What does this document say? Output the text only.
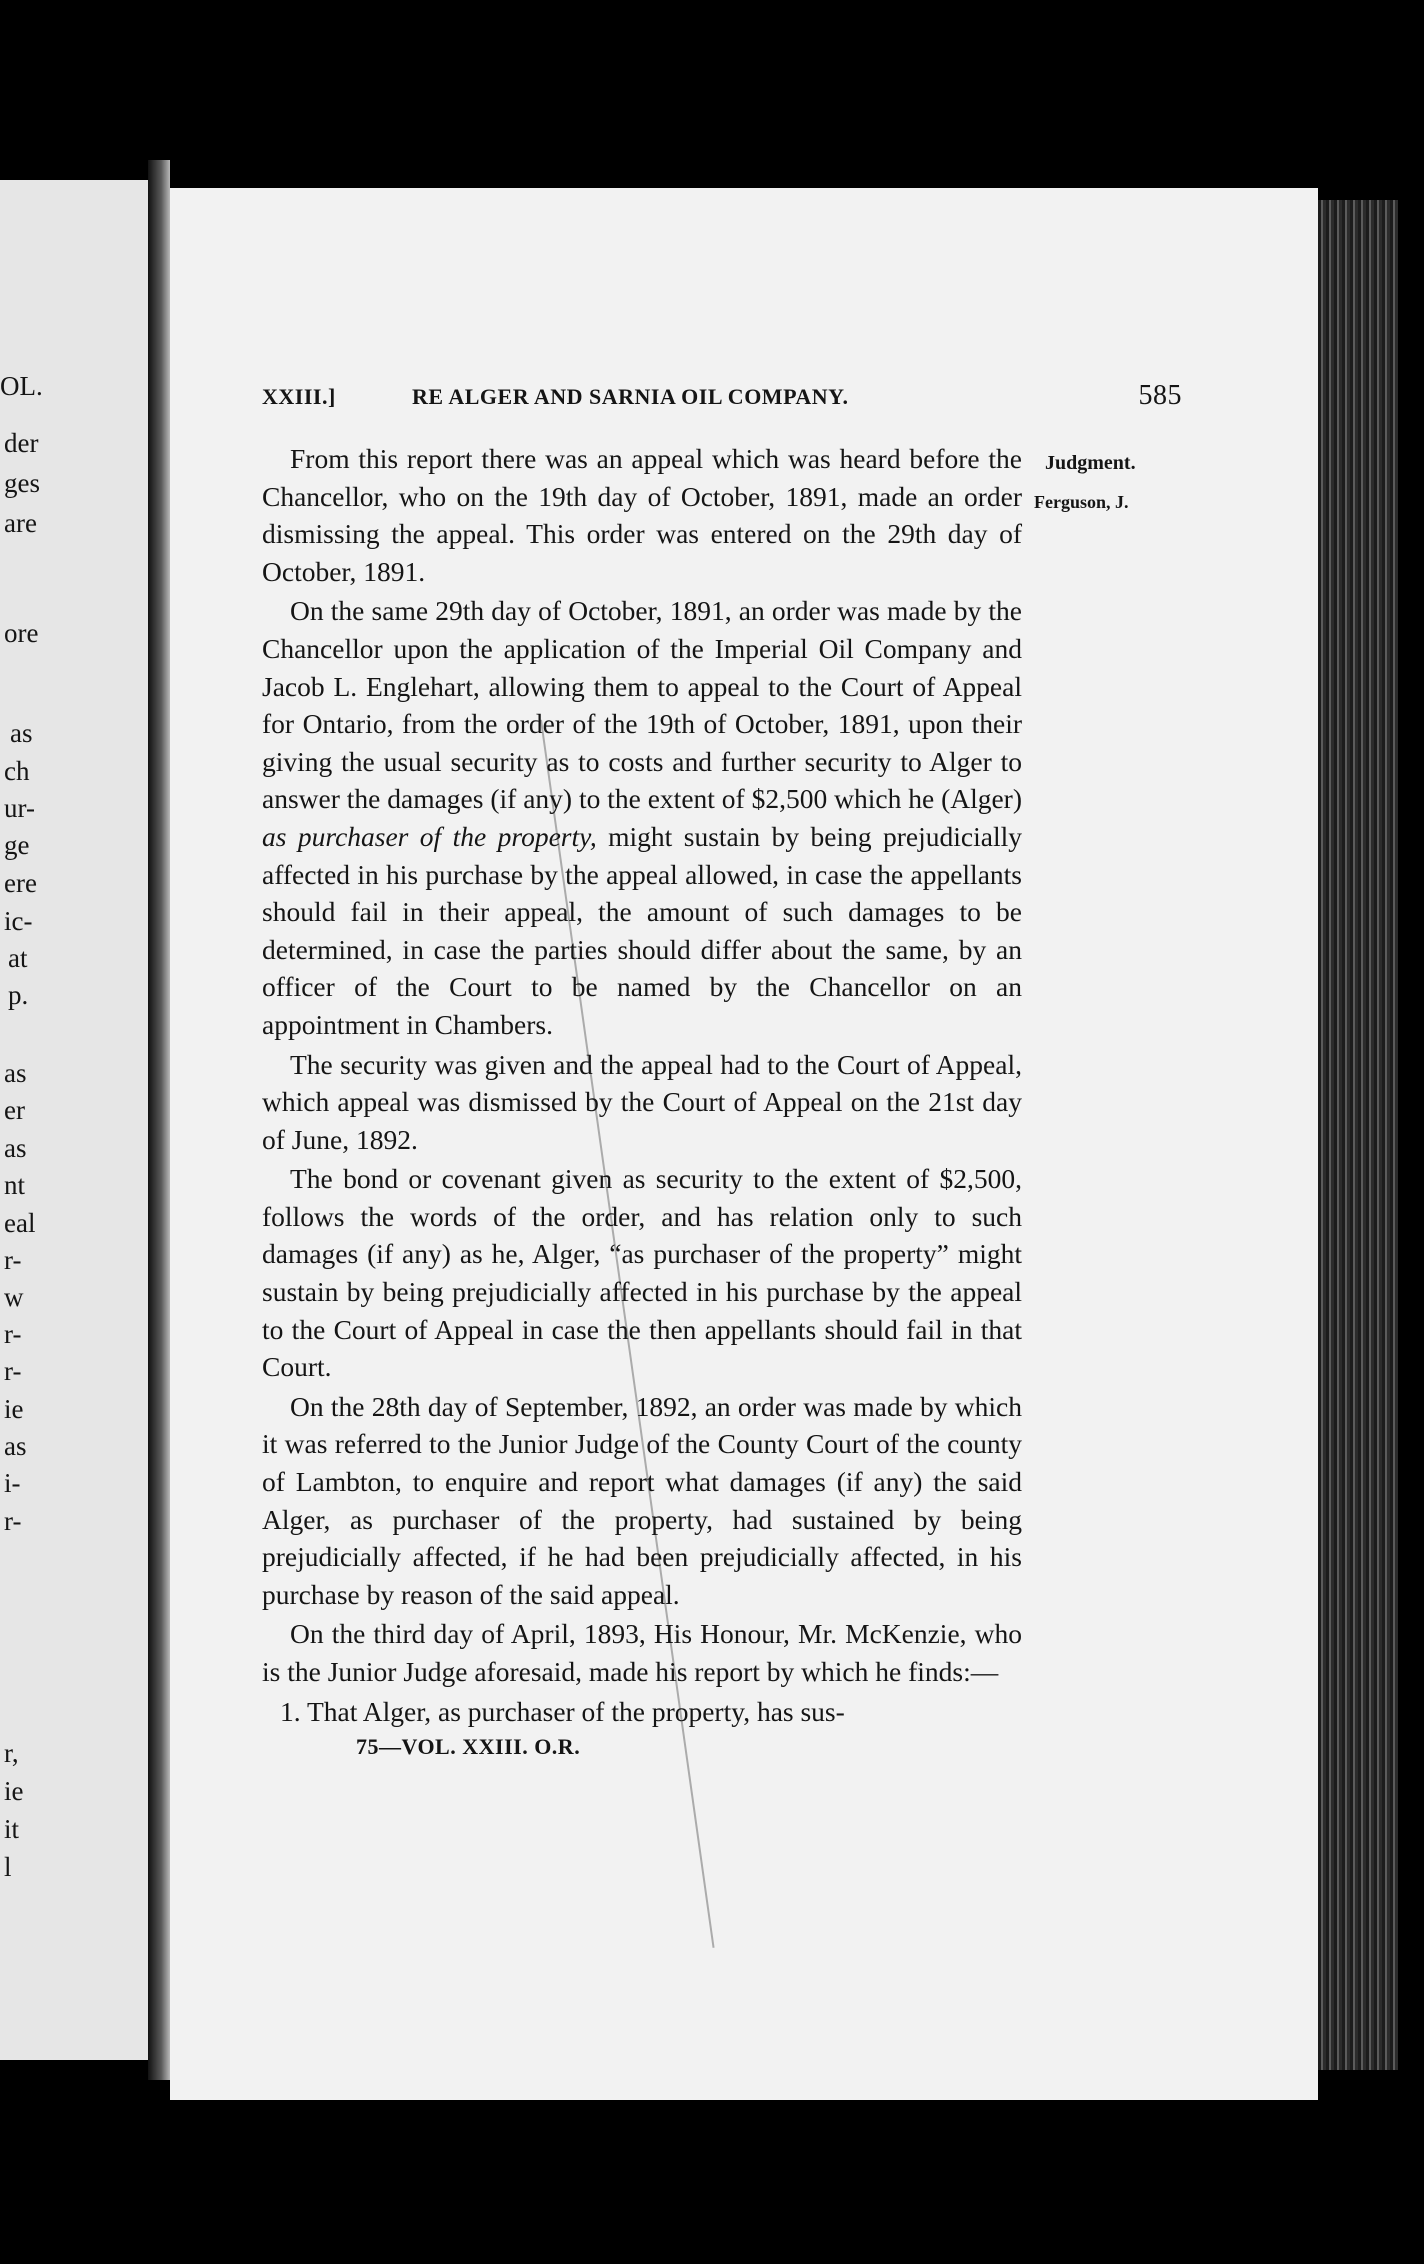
OL.
der
ges
are
ore
as
ch
ur-
ge
ere
ic-
at
p.
as
er
as
nt
eal
r-
w
r-
r-
ie
as
i-
r-
r,
ie
it
l
XXIII.]	RE ALGER AND SARNIA OIL COMPANY.	585
Judgment.
Ferguson, J.

From this report there was an appeal which was heard before the Chancellor, who on the 19th day of October, 1891, made an order dismissing the appeal. This order was entered on the 29th day of October, 1891.

On the same 29th day of October, 1891, an order was made by the Chancellor upon the application of the Imperial Oil Company and Jacob L. Englehart, allowing them to appeal to the Court of Appeal for Ontario, from the order of the 19th of October, 1891, upon their giving the usual security as to costs and further security to Alger to answer the damages (if any) to the extent of $2,500 which he (Alger) as purchaser of the property, might sustain by being prejudicially affected in his purchase by the appeal allowed, in case the appellants should fail in their appeal, the amount of such damages to be determined, in case the parties should differ about the same, by an officer of the Court to be named by the Chancellor on an appointment in Chambers.

The security was given and the appeal had to the Court of Appeal, which appeal was dismissed by the Court of Appeal on the 21st day of June, 1892.

The bond or covenant given as security to the extent of $2,500, follows the words of the order, and has relation only to such damages (if any) as he, Alger, “as purchaser of the property” might sustain by being prejudicially affected in his purchase by the appeal to the Court of Appeal in case the then appellants should fail in that Court.

On the 28th day of September, 1892, an order was made by which it was referred to the Junior Judge of the County Court of the county of Lambton, to enquire and report what damages (if any) the said Alger, as purchaser of the property, had sustained by being prejudicially affected, if he had been prejudicially affected, in his purchase by reason of the said appeal.

On the third day of April, 1893, His Honour, Mr. McKenzie, who is the Junior Judge aforesaid, made his report by which he finds:—

1. That Alger, as purchaser of the property, has sus-

75—VOL. XXIII. O.R.
